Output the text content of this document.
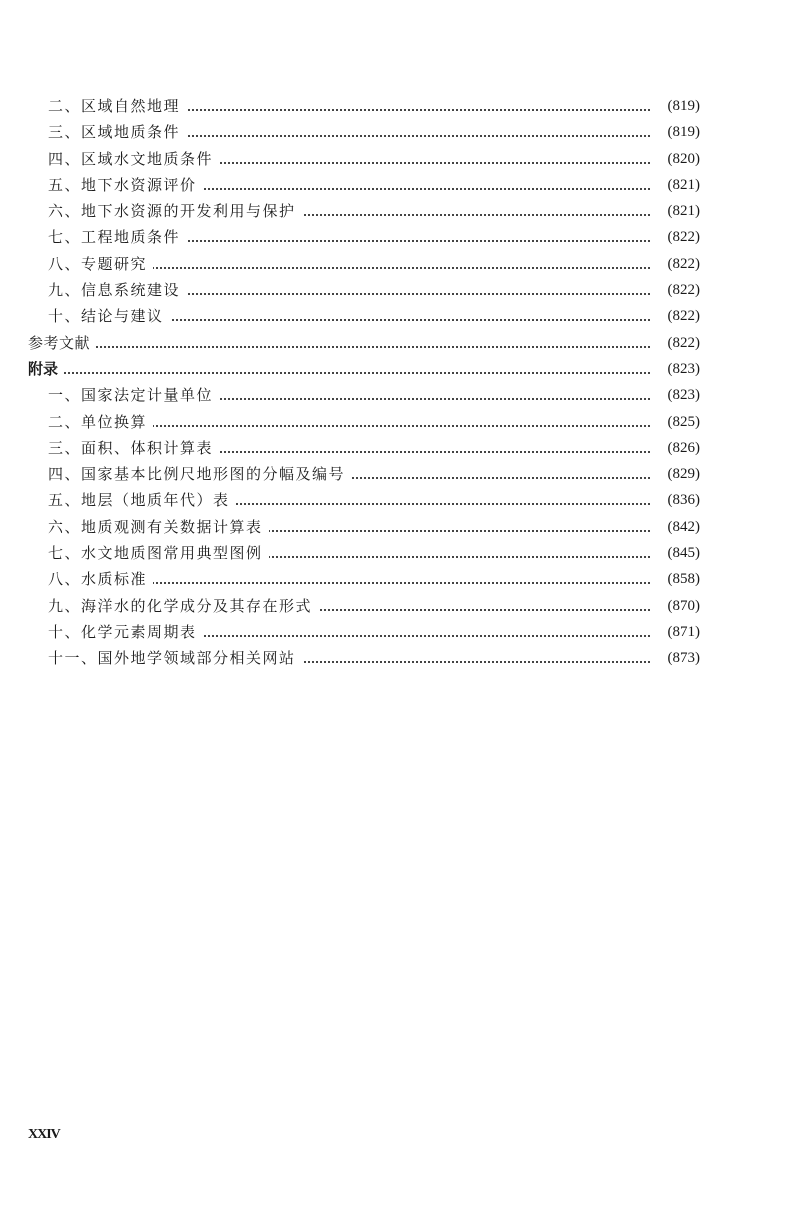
二、区域自然地理	(819)
三、区域地质条件	(819)
四、区域水文地质条件	(820)
五、地下水资源评价	(821)
六、地下水资源的开发利用与保护	(821)
七、工程地质条件	(822)
八、专题研究	(822)
九、信息系统建设	(822)
十、结论与建议	(822)
参考文献	(822)
附录	(823)
一、国家法定计量单位	(823)
二、单位换算	(825)
三、面积、体积计算表	(826)
四、国家基本比例尺地形图的分幅及编号	(829)
五、地层（地质年代）表	(836)
六、地质观测有关数据计算表	(842)
七、水文地质图常用典型图例	(845)
八、水质标准	(858)
九、海洋水的化学成分及其存在形式	(870)
十、化学元素周期表	(871)
十一、国外地学领域部分相关网站	(873)
XXIV
